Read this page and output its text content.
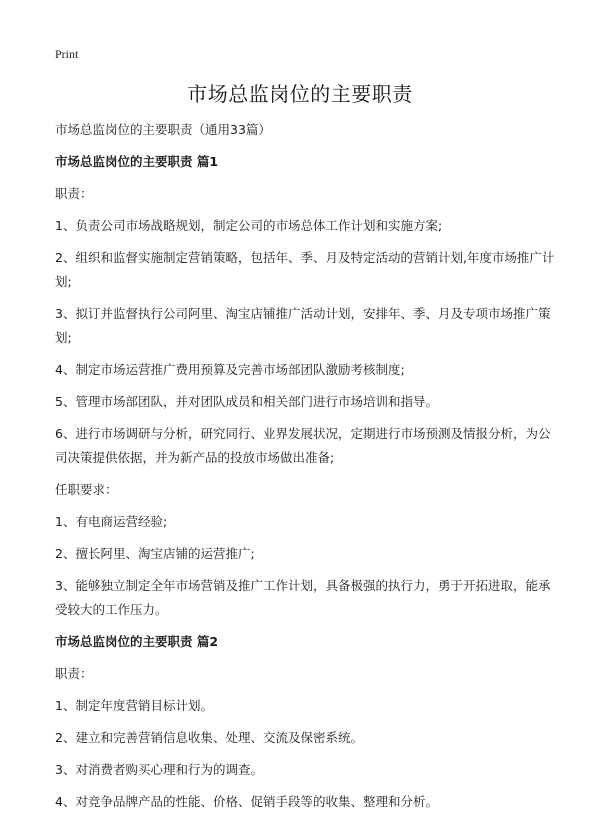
Print
市场总监岗位的主要职责

市场总监岗位的主要职责（通用33篇）

市场总监岗位的主要职责 篇1

职责：

1、负责公司市场战略规划，制定公司的市场总体工作计划和实施方案;

2、组织和监督实施制定营销策略，包括年、季、月及特定活动的营销计划,年度市场推广计划;

3、拟订并监督执行公司阿里、淘宝店铺推广活动计划，安排年、季、月及专项市场推广策划;

4、制定市场运营推广费用预算及完善市场部团队激励考核制度;

5、管理市场部团队，并对团队成员和相关部门进行市场培训和指导。

6、进行市场调研与分析，研究同行、业界发展状况，定期进行市场预测及情报分析，为公司决策提供依据，并为新产品的投放市场做出准备;

任职要求：

1、有电商运营经验;

2、擅长阿里、淘宝店铺的运营推广;

3、能够独立制定全年市场营销及推广工作计划，具备极强的执行力，勇于开拓进取，能承受较大的工作压力。

市场总监岗位的主要职责 篇2

职责：

1、制定年度营销目标计划。

2、建立和完善营销信息收集、处理、交流及保密系统。

3、对消费者购买心理和行为的调查。

4、对竞争品牌产品的性能、价格、促销手段等的收集、整理和分析。
